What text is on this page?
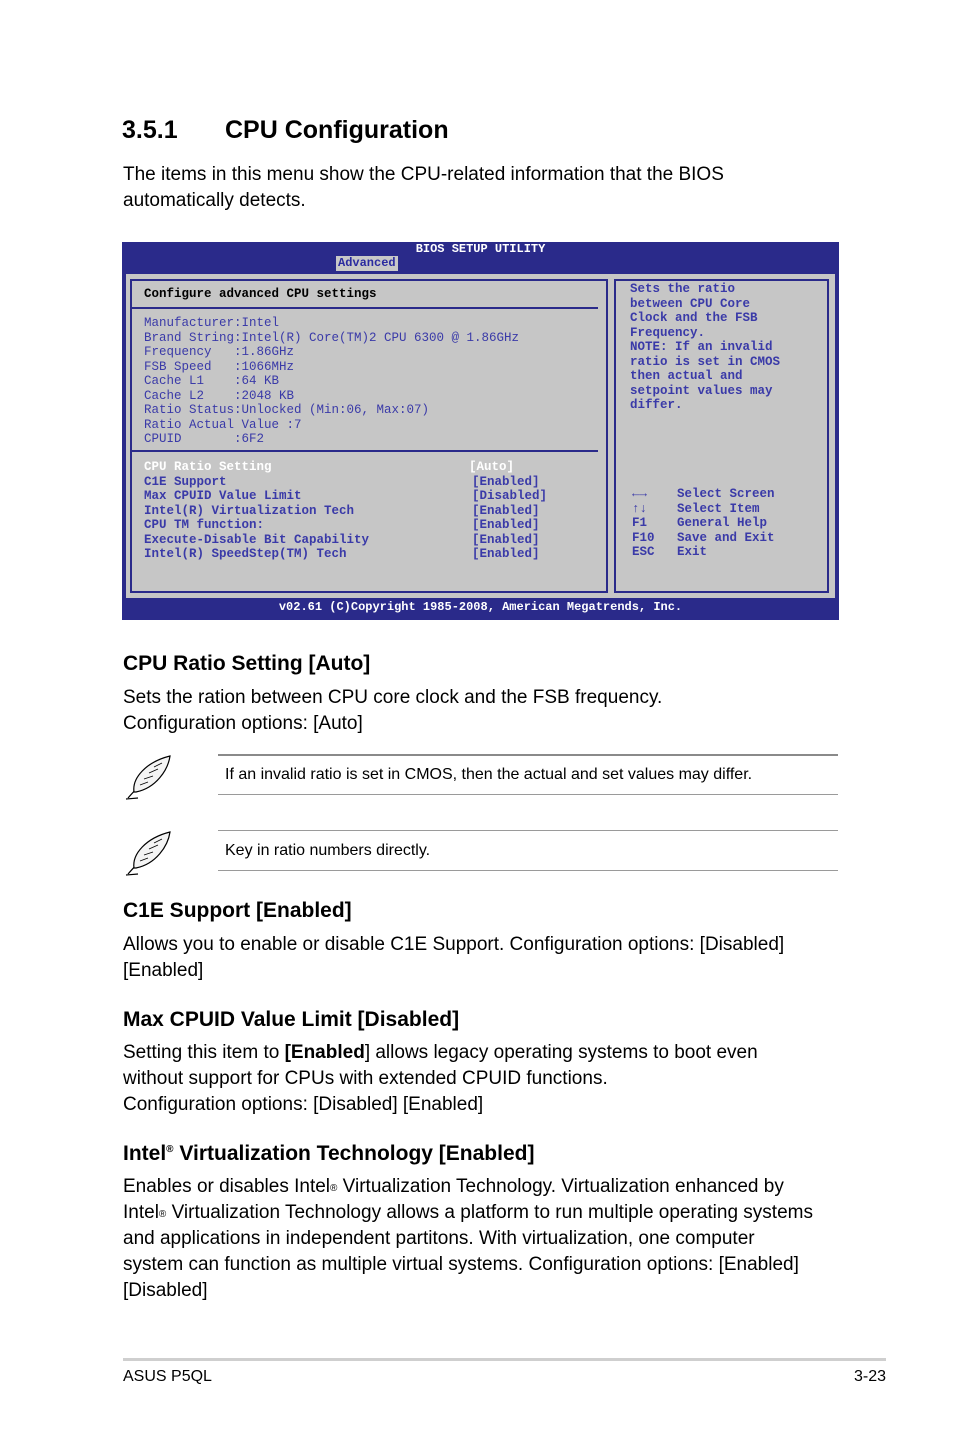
3.5.1 CPU Configuration

The items in this menu show the CPU-related information that the BIOS
automatically detects.

BIOS SETUP UTILITY
Advanced
Configure advanced CPU settings
Manufacturer:Intel
Brand String:Intel(R) Core(TM)2 CPU 6300 @ 1.86GHz
Frequency   :1.86GHz
FSB Speed   :1066MHz
Cache L1    :64 KB
Cache L2    :2048 KB
Ratio Status:Unlocked (Min:06, Max:07)
Ratio Actual Value :7
CPUID       :6F2
CPU Ratio Setting	[Auto]
C1E Support	[Enabled]
Max CPUID Value Limit	[Disabled]
Intel(R) Virtualization Tech	[Enabled]
CPU TM function:	[Enabled]
Execute-Disable Bit Capability	[Enabled]
Intel(R) SpeedStep(TM) Tech	[Enabled]
Sets the ratio
between CPU Core
Clock and the FSB
Frequency.
NOTE: If an invalid
ratio is set in CMOS
then actual and
setpoint values may
differ.
←→ Select Screen
↑↓ Select Item
F1 General Help
F10 Save and Exit
ESC Exit
v02.61 (C)Copyright 1985-2008, American Megatrends, Inc.
CPU Ratio Setting [Auto]

Sets the ration between CPU core clock and the FSB frequency.
Configuration options: [Auto]

If an invalid ratio is set in CMOS, then the actual and set values may differ.
Key in ratio numbers directly.
C1E Support [Enabled]

Allows you to enable or disable C1E Support. Configuration options: [Disabled]
[Enabled]

Max CPUID Value Limit [Disabled]

Setting this item to [Enabled] allows legacy operating systems to boot even
without support for CPUs with extended CPUID functions.
Configuration options: [Disabled] [Enabled]

Intel® Virtualization Technology [Enabled]

Enables or disables Intel® Virtualization Technology. Virtualization enhanced by
Intel® Virtualization Technology allows a platform to run multiple operating systems
and applications in independent partitons. With virtualization, one computer
system can function as multiple virtual systems. Configuration options: [Enabled]
[Disabled]

ASUS P5QL	3-23
